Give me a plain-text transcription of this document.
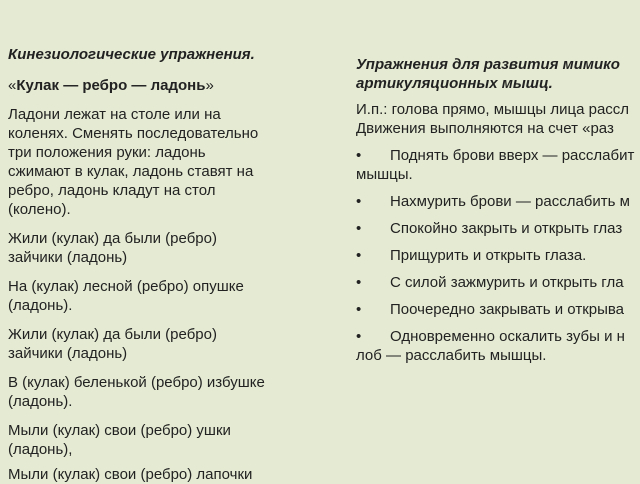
Кинезиологические упражнения.
«Кулак — ребро — ладонь»
Ладони лежат на столе или на
коленях. Сменять последовательно
три положения руки: ладонь
сжимают в кулак, ладонь ставят на
ребро, ладонь кладут на стол
(колено).
Жили (кулак) да были (ребро)
зайчики (ладонь)
На (кулак) лесной (ребро) опушке
(ладонь).
Жили (кулак) да были (ребро)
зайчики (ладонь)
В (кулак) беленькой (ребро) избушке
(ладонь).
Мыли (кулак) свои (ребро) ушки
(ладонь),
Мыли (кулак) свои (ребро) лапочки
Упражнения для развития мимико
артикуляционных мышц.
И.п.: голова прямо, мышцы лица рассл
Движения выполняются на счет «раз
• Поднять брови вверх — расслабит
мышцы.
• Нахмурить брови — расслабить м
• Спокойно закрыть и открыть глаз
• Прищурить и открыть глаза.
• С силой зажмурить и открыть гла
• Поочередно закрывать и открыва
• Одновременно оскалить зубы и н
лоб — расслабить мышцы.
